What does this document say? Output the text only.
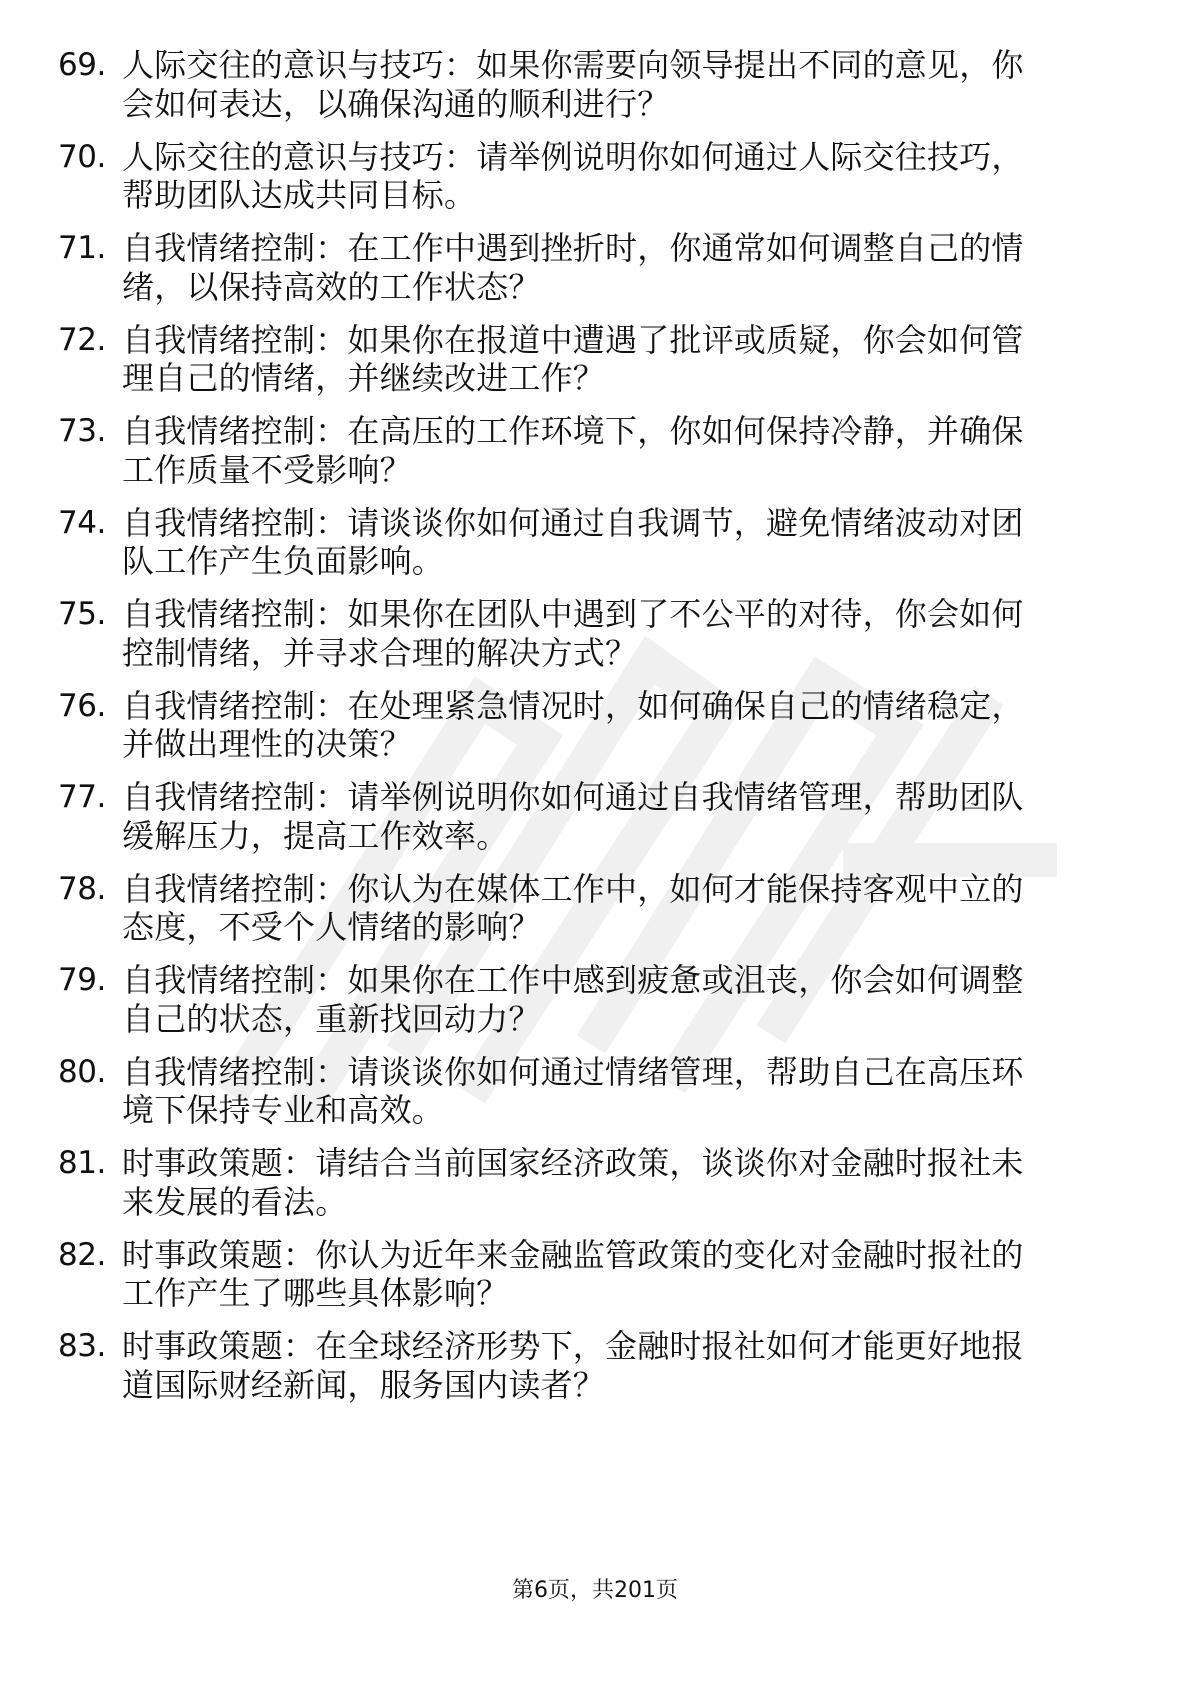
69. 人际交往的意识与技巧：如果你需要向领导提出不同的意见，你
会如何表达，以确保沟通的顺利进行？
70. 人际交往的意识与技巧：请举例说明你如何通过人际交往技巧，
帮助团队达成共同目标。
71. 自我情绪控制：在工作中遇到挫折时，你通常如何调整自己的情
绪，以保持高效的工作状态？
72. 自我情绪控制：如果你在报道中遭遇了批评或质疑，你会如何管
理自己的情绪，并继续改进工作？
73. 自我情绪控制：在高压的工作环境下，你如何保持冷静，并确保
工作质量不受影响？
74. 自我情绪控制：请谈谈你如何通过自我调节，避免情绪波动对团
队工作产生负面影响。
75. 自我情绪控制：如果你在团队中遇到了不公平的对待，你会如何
控制情绪，并寻求合理的解决方式？
76. 自我情绪控制：在处理紧急情况时，如何确保自己的情绪稳定，
并做出理性的决策？
77. 自我情绪控制：请举例说明你如何通过自我情绪管理，帮助团队
缓解压力，提高工作效率。
78. 自我情绪控制：你认为在媒体工作中，如何才能保持客观中立的
态度，不受个人情绪的影响？
79. 自我情绪控制：如果你在工作中感到疲惫或沮丧，你会如何调整
自己的状态，重新找回动力？
80. 自我情绪控制：请谈谈你如何通过情绪管理，帮助自己在高压环
境下保持专业和高效。
81. 时事政策题：请结合当前国家经济政策，谈谈你对金融时报社未
来发展的看法。
82. 时事政策题：你认为近年来金融监管政策的变化对金融时报社的
工作产生了哪些具体影响？
83. 时事政策题：在全球经济形势下，金融时报社如何才能更好地报
道国际财经新闻，服务国内读者？
第6页，共201页
